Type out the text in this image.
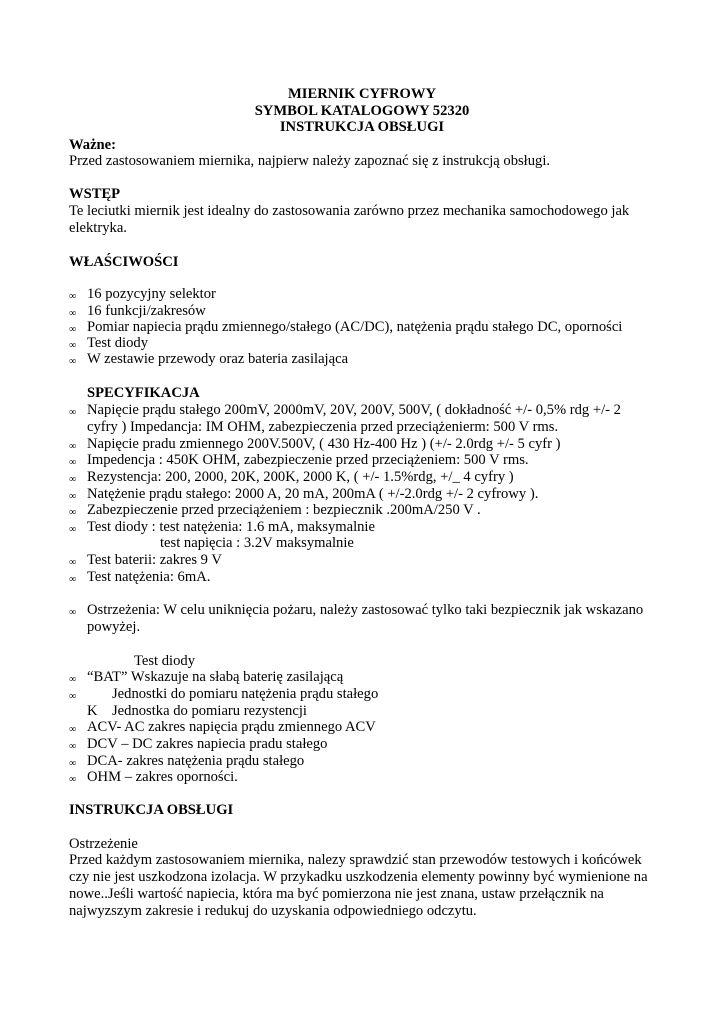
MIERNIK CYFROWY
SYMBOL KATALOGOWY 52320
INSTRUKCJA OBSŁUGI
Ważne:
Przed zastosowaniem miernika, najpierw należy zapoznać się z instrukcją obsługi.
WSTĘP
Te leciutki miernik jest idealny do zastosowania zarówno przez mechanika samochodowego jak
elektryka.
WŁAŚCIWOŚCI
∞ 16 pozycyjny selektor
∞ 16 funkcji/zakresów
∞ Pomiar napiecia prądu zmiennego/stałego (AC/DC), natężenia prądu stałego DC, oporności
∞ Test diody
∞ W zestawie przewody oraz bateria zasilająca
SPECYFIKACJA
∞ Napięcie prądu stałego 200mV, 2000mV, 20V, 200V, 500V, ( dokładność +/- 0,5% rdg +/- 2
cyfry ) Impedancja: IM OHM, zabezpieczenia przed przeciążenierm: 500 V rms.
∞ Napięcie pradu zmiennego 200V.500V, ( 430 Hz-400 Hz ) (+/- 2.0rdg +/- 5 cyfr )
∞ Impedencja : 450K OHM, zabezpieczenie przed przeciążeniem: 500 V rms.
∞ Rezystencja: 200, 2000, 20K, 200K, 2000 K, ( +/- 1.5%rdg, +/_ 4 cyfry )
∞ Natężenie prądu stałego: 2000 A, 20 mA, 200mA ( +/-2.0rdg +/- 2 cyfrowy ).
∞ Zabezpieczenie przed przeciążeniem : bezpiecznik .200mA/250 V .
∞ Test diody : test natężenia: 1.6 mA, maksymalnie
test napięcia : 3.2V maksymalnie
∞ Test baterii: zakres 9 V
∞ Test natężenia: 6mA.
∞ Ostrzeżenia: W celu uniknięcia pożaru, należy zastosować tylko taki bezpiecznik jak wskazano
powyżej.
Test diody
∞ “BAT” Wskazuje na słabą baterię zasilającą
∞ Jednostki do pomiaru natężenia prądu stałego
K Jednostka do pomiaru rezystencji
∞ ACV- AC zakres napięcia prądu zmiennego ACV
∞ DCV – DC zakres napiecia pradu stałego
∞ DCA- zakres natężenia prądu stałego
∞ OHM – zakres oporności.
INSTRUKCJA OBSŁUGI
Ostrzeżenie
Przed każdym zastosowaniem miernika, nalezy sprawdzić stan przewodów testowych i końcówek
czy nie jest uszkodzona izolacja. W przykadku uszkodzenia elementy powinny być wymienione na
nowe..Jeśli wartość napiecia, która ma być pomierzona nie jest znana, ustaw przełącznik na
najwyzszym zakresie i redukuj do uzyskania odpowiedniego odczytu.
